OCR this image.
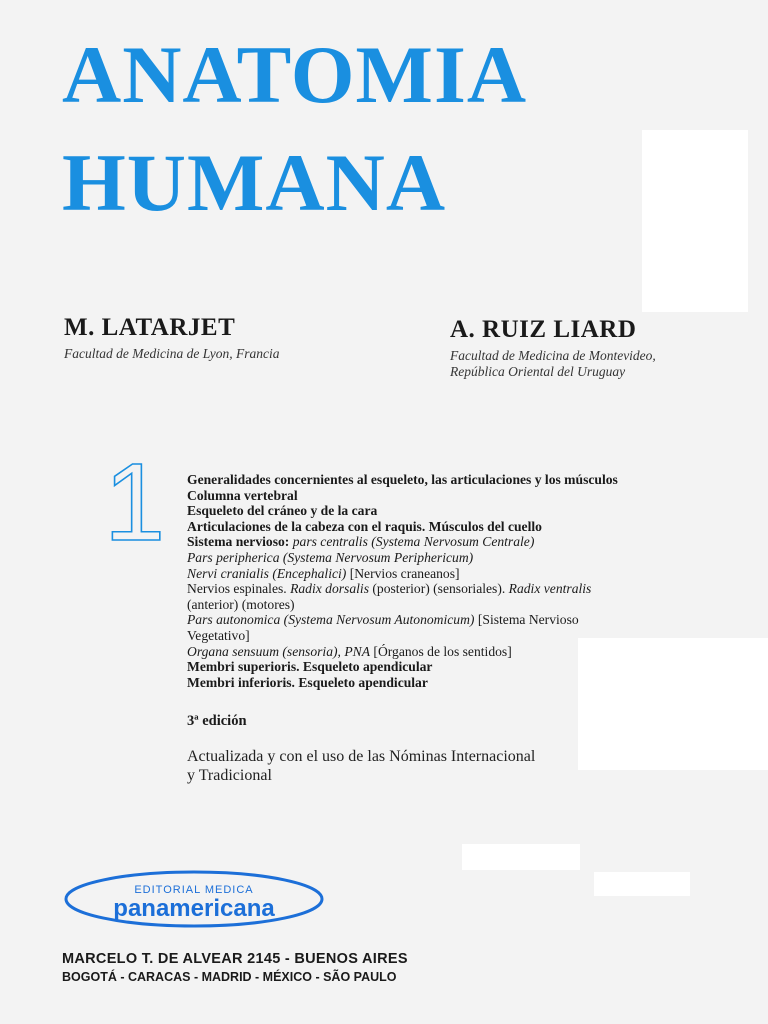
ANATOMIA
HUMANA
M. LATARJET
Facultad de Medicina de Lyon, Francia
A. RUIZ LIARD
Facultad de Medicina de Montevideo,
República Oriental del Uruguay
1 Generalidades concernientes al esqueleto, las articulaciones y los músculos
Columna vertebral
Esqueleto del cráneo y de la cara
Articulaciones de la cabeza con el raquis. Músculos del cuello
Sistema nervioso: pars centralis (Systema Nervosum Centrale)
Pars peripherica (Systema Nervosum Periphericum)
Nervi cranialis (Encephalici) [Nervios craneanos]
Nervios espinales. Radix dorsalis (posterior) (sensoriales). Radix ventralis
(anterior) (motores)
Pars autonomica (Systema Nervosum Autonomicum) [Sistema Nervioso
Vegetativo]
Organa sensuum (sensoria), PNA [Órganos de los sentidos]
Membri superioris. Esqueleto apendicular
Membri inferioris. Esqueleto apendicular
3ª edición
Actualizada y con el uso de las Nóminas Internacional
y Tradicional
EDITORIAL MEDICA
panamericana
MARCELO T. DE ALVEAR 2145 - BUENOS AIRES
BOGOTÁ - CARACAS - MADRID - MÉXICO - SÃO PAULO
